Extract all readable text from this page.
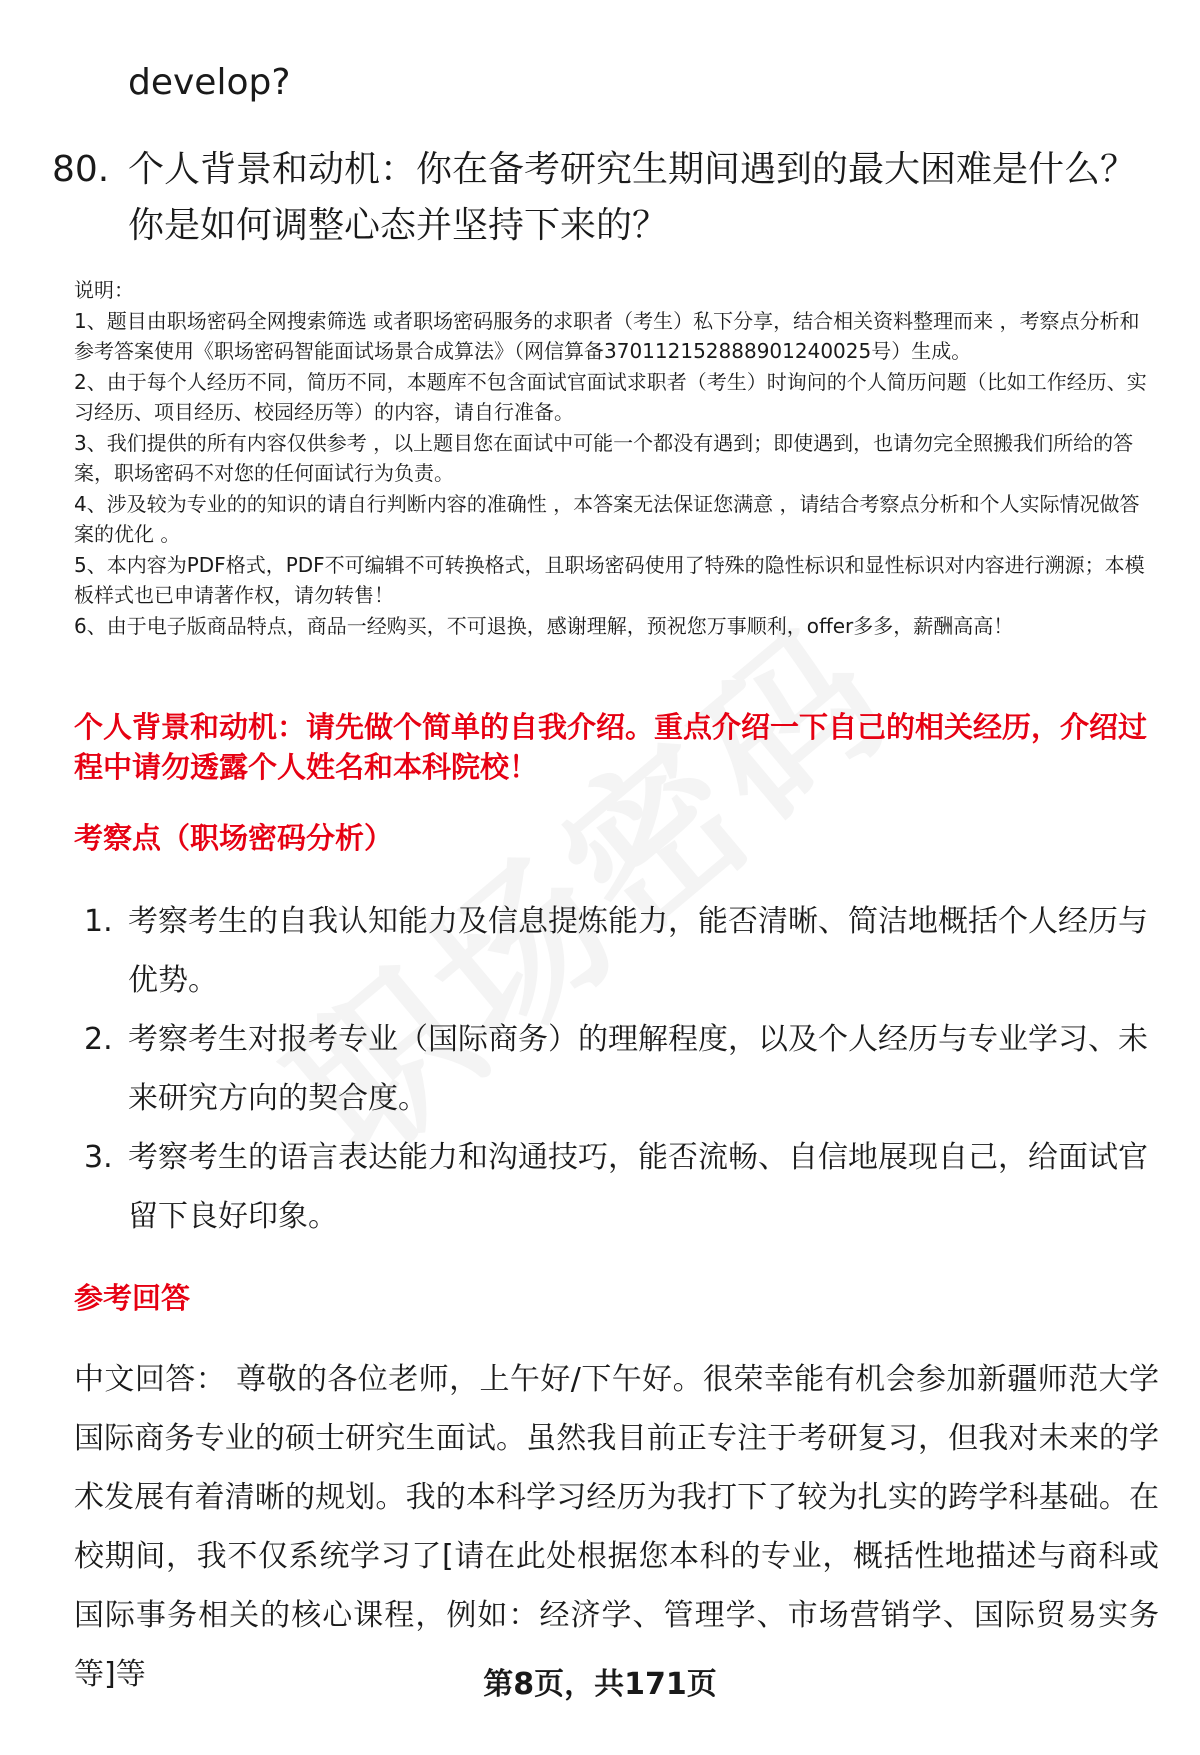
develop?
80. 个人背景和动机：你在备考研究生期间遇到的最大困难是什么？你是如何调整心态并坚持下来的？

说明：

1、题目由职场密码全网搜索筛选 或者职场密码服务的求职者（考生）私下分享，结合相关资料整理而来 ，考察点分析和参考答案使用《职场密码智能面试场景合成算法》（网信算备370112152888901240025号）生成。

2、由于每个人经历不同，简历不同，本题库不包含面试官面试求职者（考生）时询问的个人简历问题（比如工作经历、实习经历、项目经历、校园经历等）的内容，请自行准备。

3、我们提供的所有内容仅供参考 ，以上题目您在面试中可能一个都没有遇到；即使遇到，也请勿完全照搬我们所给的答案，职场密码不对您的任何面试行为负责。

4、涉及较为专业的的知识的请自行判断内容的准确性 ，本答案无法保证您满意 ，请结合考察点分析和个人实际情况做答案的优化 。

5、本内容为PDF格式，PDF不可编辑不可转换格式，且职场密码使用了特殊的隐性标识和显性标识对内容进行溯源；本模板样式也已申请著作权，请勿转售！

6、由于电子版商品特点，商品一经购买，不可退换，感谢理解，预祝您万事顺利，offer多多，薪酬高高！

个人背景和动机：请先做个简单的自我介绍。重点介绍一下自己的相关经历，介绍过程中请勿透露个人姓名和本科院校！
考察点（职场密码分析）

1. 考察考生的自我认知能力及信息提炼能力，能否清晰、简洁地概括个人经历与优势。

2. 考察考生对报考专业（国际商务）的理解程度，以及个人经历与专业学习、未来研究方向的契合度。

3. 考察考生的语言表达能力和沟通技巧，能否流畅、自信地展现自己，给面试官留下良好印象。

参考回答
中文回答： 尊敬的各位老师，上午好/下午好。很荣幸能有机会参加新疆师范大学国际商务专业的硕士研究生面试。虽然我目前正专注于考研复习，但我对未来的学术发展有着清晰的规划。我的本科学习经历为我打下了较为扎实的跨学科基础。在校期间，我不仅系统学习了[请在此处根据您本科的专业，概括性地描述与商科或国际事务相关的核心课程，例如：经济学、管理学、市场营销学、国际贸易实务等]等	第8页，共171页
